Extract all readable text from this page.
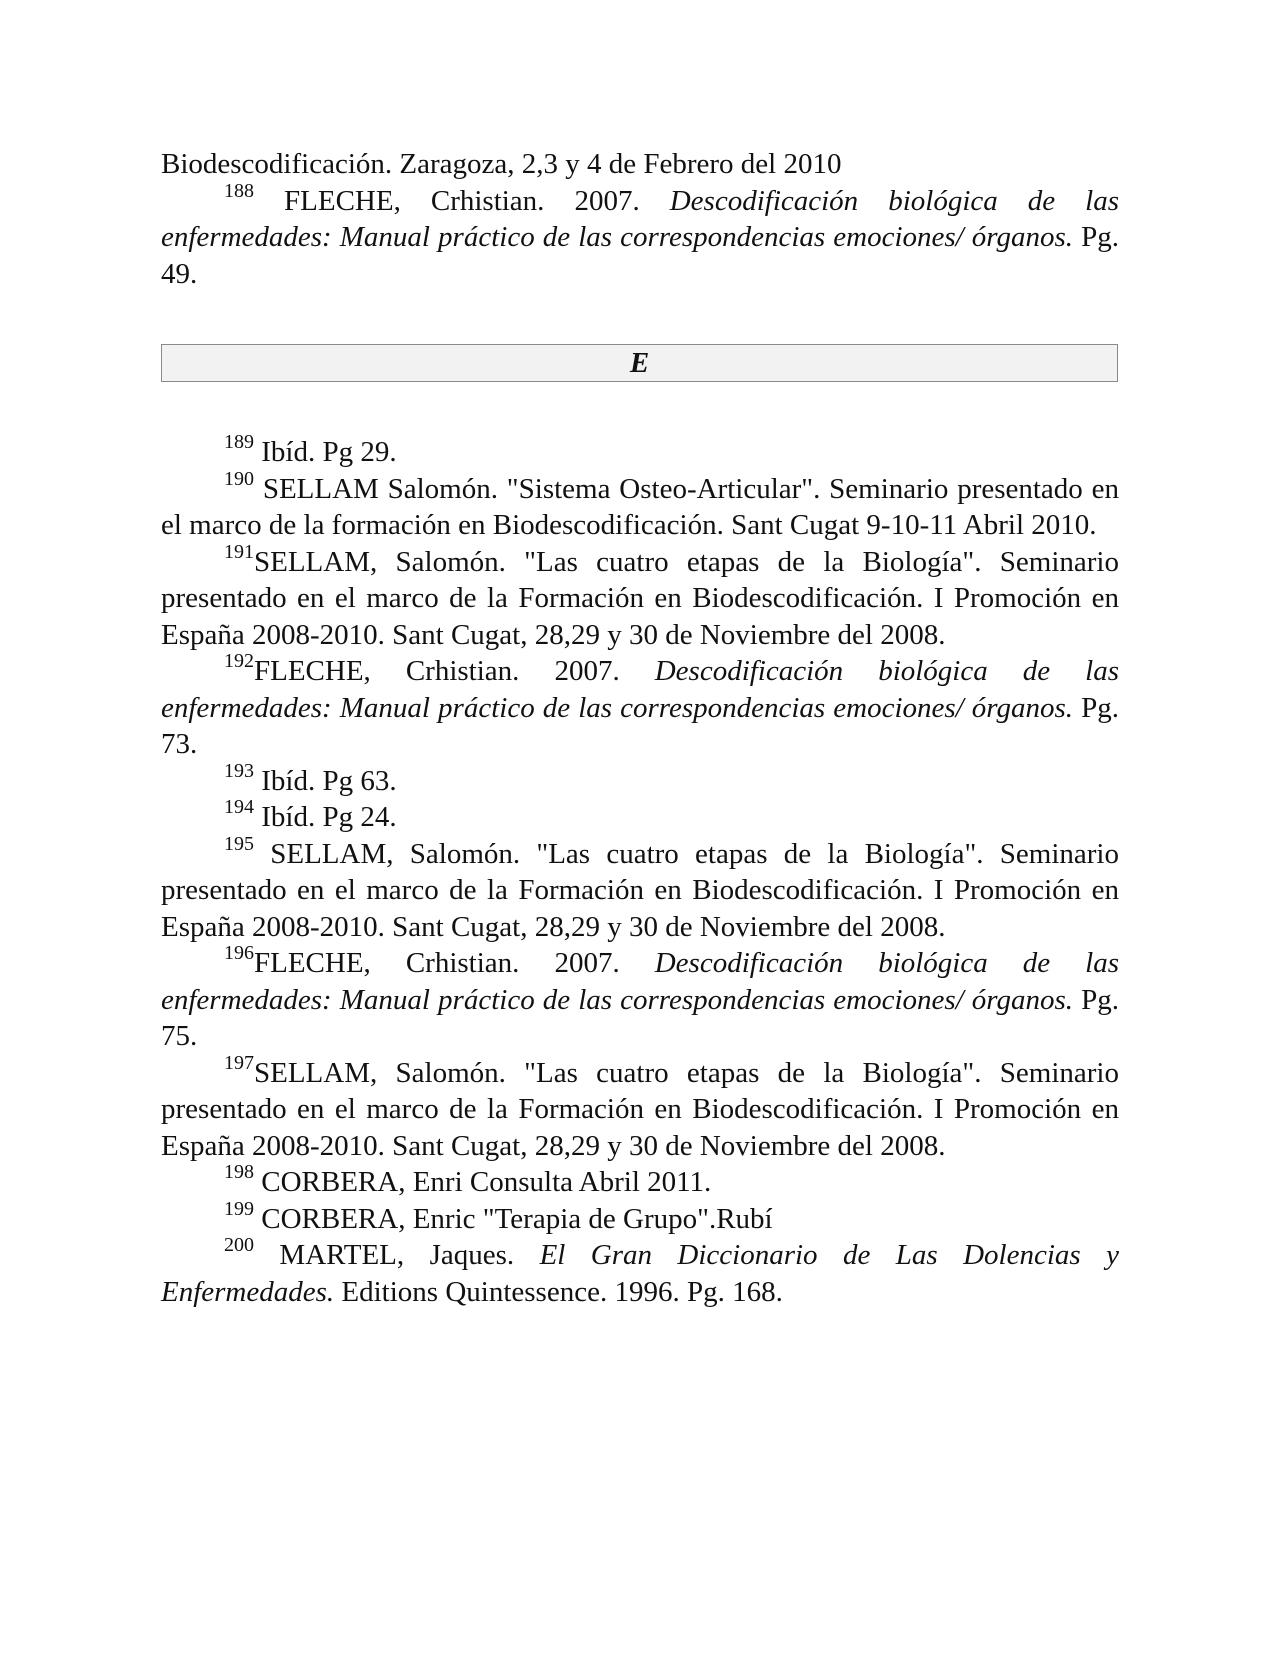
Biodescodificación. Zaragoza, 2,3 y 4 de Febrero del 2010

$^{188}$ FLECHE, Crhistian. 2007. Descodificación biológica de las enfermedades: Manual práctico de las correspondencias emociones/ órganos. Pg. 49.

E

$^{189}$ Ibíd. Pg 29.

$^{190}$ SELLAM Salomón. "Sistema Osteo-Articular". Seminario presentado en el marco de la formación en Biodescodificación. Sant Cugat 9-10-11 Abril 2010.

$^{191}$SELLAM, Salomón. "Las cuatro etapas de la Biología". Seminario presentado en el marco de la Formación en Biodescodificación. I Promoción en España 2008-2010. Sant Cugat, 28,29 y 30 de Noviembre del 2008.

$^{192}$FLECHE, Crhistian. 2007. Descodificación biológica de las enfermedades: Manual práctico de las correspondencias emociones/ órganos. Pg. 73.

$^{193}$ Ibíd. Pg 63.

$^{194}$ Ibíd. Pg 24.

$^{195}$ SELLAM, Salomón. "Las cuatro etapas de la Biología". Seminario presentado en el marco de la Formación en Biodescodificación. I Promoción en España 2008-2010. Sant Cugat, 28,29 y 30 de Noviembre del 2008.

$^{196}$FLECHE, Crhistian. 2007. Descodificación biológica de las enfermedades: Manual práctico de las correspondencias emociones/ órganos. Pg. 75.

$^{197}$SELLAM, Salomón. "Las cuatro etapas de la Biología". Seminario presentado en el marco de la Formación en Biodescodificación. I Promoción en España 2008-2010. Sant Cugat, 28,29 y 30 de Noviembre del 2008.

$^{198}$ CORBERA, Enri Consulta Abril 2011.

$^{199}$ CORBERA, Enric "Terapia de Grupo".Rubí

$^{200}$ MARTEL, Jaques. El Gran Diccionario de Las Dolencias y Enfermedades. Editions Quintessence. 1996. Pg. 168.
